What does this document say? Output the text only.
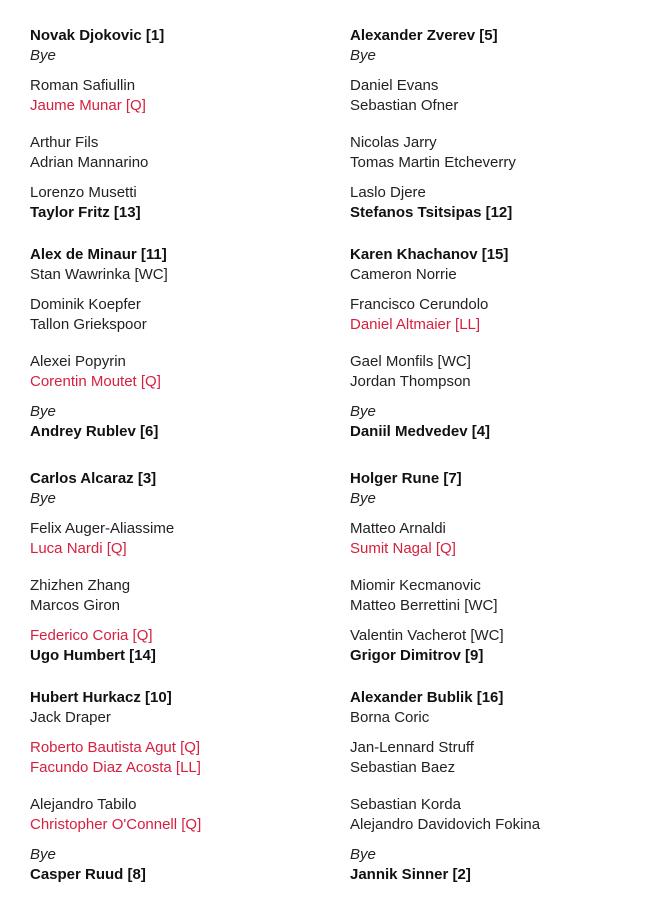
Novak Djokovic [1]
Bye
Roman Safiullin
Jaume Munar [Q]
Arthur Fils
Adrian Mannarino
Lorenzo Musetti
Taylor Fritz [13]
Alex de Minaur [11]
Stan Wawrinka [WC]
Dominik Koepfer
Tallon Griekspoor
Alexei Popyrin
Corentin Moutet [Q]
Bye
Andrey Rublev [6]
Carlos Alcaraz [3]
Bye
Felix Auger-Aliassime
Luca Nardi [Q]
Zhizhen Zhang
Marcos Giron
Federico Coria [Q]
Ugo Humbert [14]
Hubert Hurkacz [10]
Jack Draper
Roberto Bautista Agut [Q]
Facundo Diaz Acosta [LL]
Alejandro Tabilo
Christopher O'Connell [Q]
Bye
Casper Ruud [8]
Alexander Zverev [5]
Bye
Daniel Evans
Sebastian Ofner
Nicolas Jarry
Tomas Martin Etcheverry
Laslo Djere
Stefanos Tsitsipas [12]
Karen Khachanov [15]
Cameron Norrie
Francisco Cerundolo
Daniel Altmaier [LL]
Gael Monfils [WC]
Jordan Thompson
Bye
Daniil Medvedev [4]
Holger Rune [7]
Bye
Matteo Arnaldi
Sumit Nagal [Q]
Miomir Kecmanovic
Matteo Berrettini [WC]
Valentin Vacherot [WC]
Grigor Dimitrov [9]
Alexander Bublik [16]
Borna Coric
Jan-Lennard Struff
Sebastian Baez
Sebastian Korda
Alejandro Davidovich Fokina
Bye
Jannik Sinner [2]
